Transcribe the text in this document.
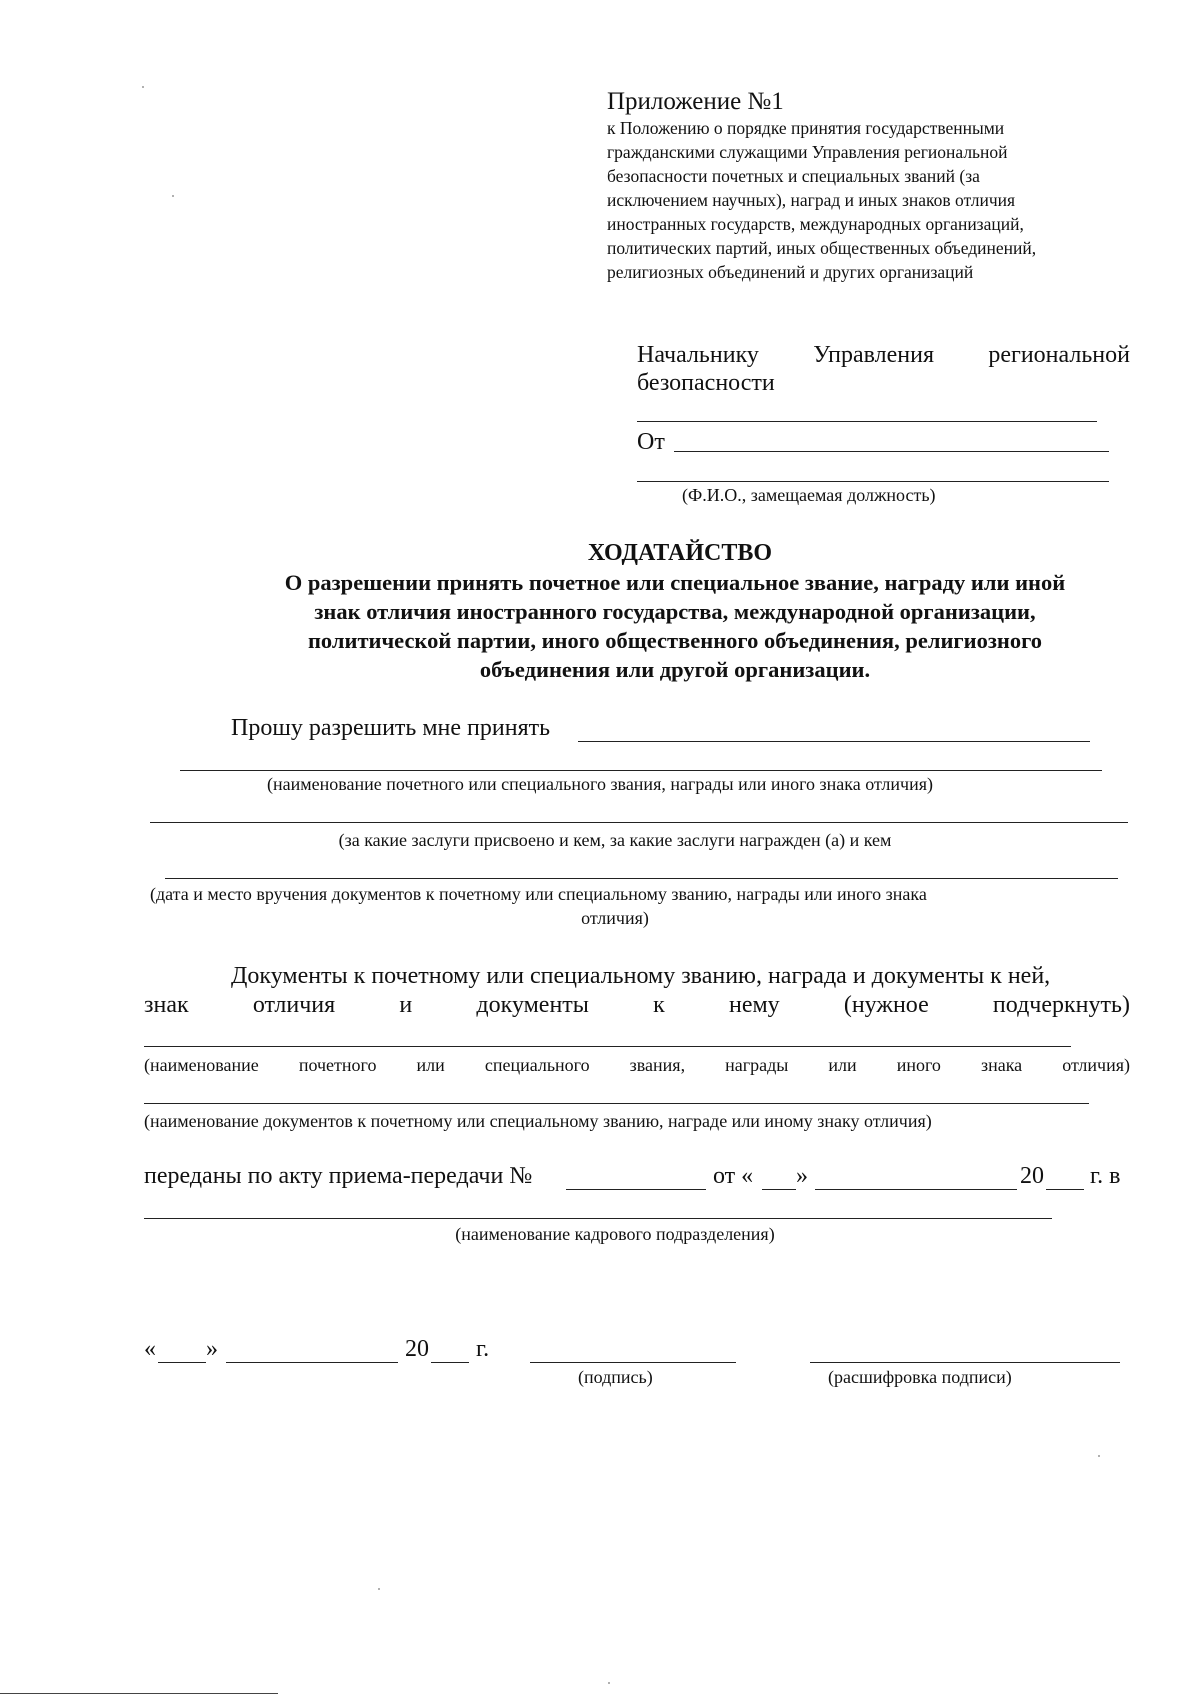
Приложение №1
к Положению о порядке принятия государственными
гражданскими служащими Управления региональной
безопасности почетных и специальных званий (за
исключением научных), наград и иных знаков отличия
иностранных государств, международных организаций,
политических партий, иных общественных объединений,
религиозных объединений и других организаций
Начальнику Управления региональной
безопасности
От
(Ф.И.О., замещаемая должность)
ХОДАТАЙСТВО
О разрешении принять почетное или специальное звание, награду или иной
знак отличия иностранного государства, международной организации,
политической партии, иного общественного объединения, религиозного
объединения или другой организации.
Прошу разрешить мне принять
(наименование почетного или специального звания, награды или иного знака отличия)
(за какие заслуги присвоено и кем, за какие заслуги награжден (а) и кем
(дата и место вручения документов к почетному или специальному званию, награды или иного знака
отличия)
Документы к почетному или специальному званию, награда и документы к ней,
знак	отличия	и	документы	к	нему	(нужное	подчеркнуть)
(наименование почетного или специального звания, награды или иного знака отличия)
(наименование документов к почетному или специальному званию, награде или иному знаку отличия)
переданы по акту приема-передачи №	от « »	20 г. в
(наименование кадрового подразделения)
« »	20 г.
(подпись)	(расшифровка подписи)
